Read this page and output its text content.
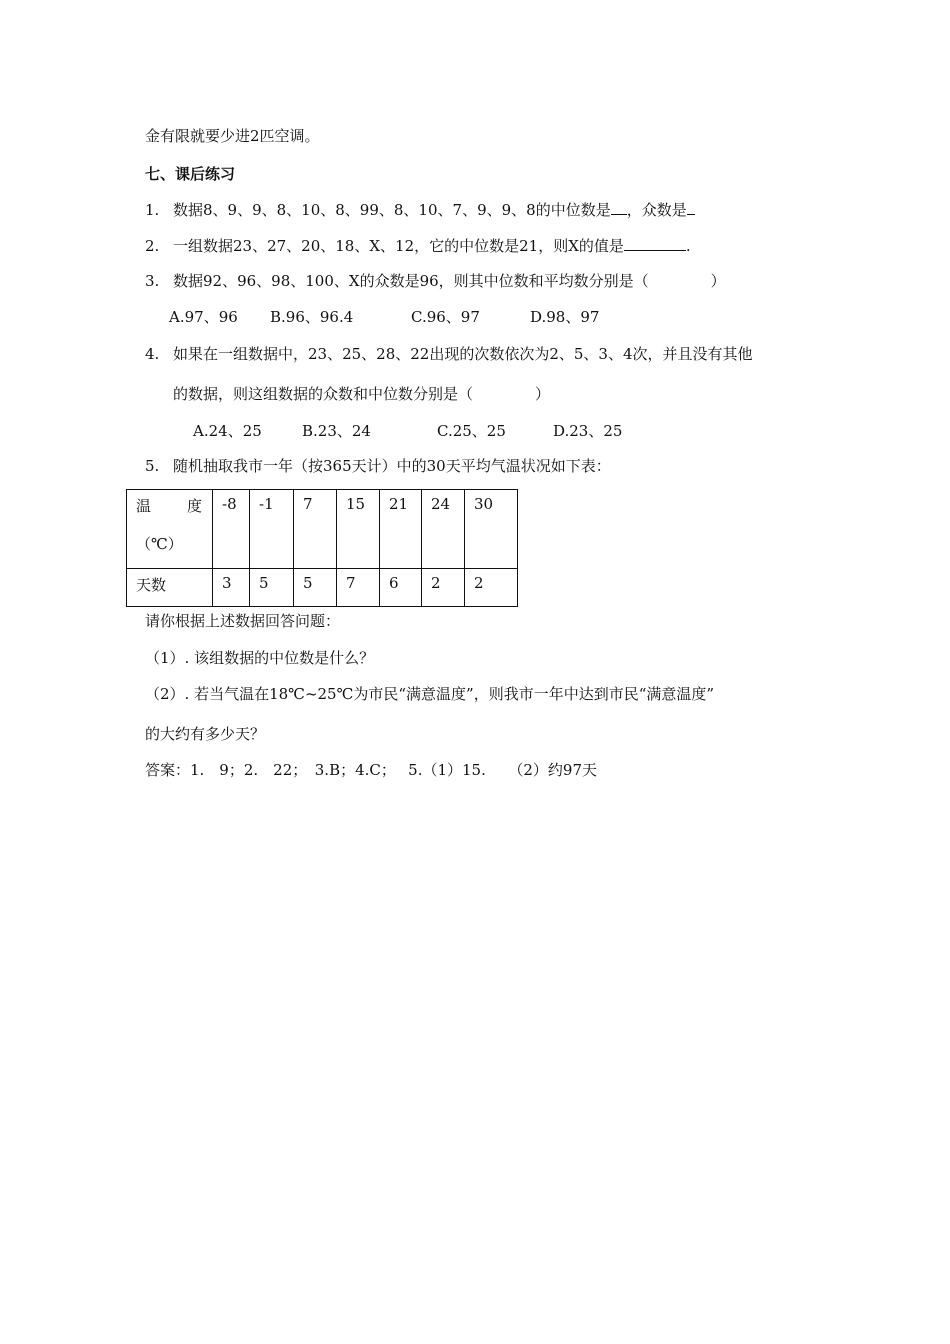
金有限就要少进2匹空调。
七、课后练习
1. 数据8、9、9、8、10、8、99、8、10、7、9、9、8的中位数是 ，众数是
2. 一组数据23、27、20、18、X、12，它的中位数是21，则X的值是	.
3. 数据92、96、98、100、X的众数是96，则其中位数和平均数分别是（	）
A.97、96 B.96、96.4	C.96、97	D.98、97
4. 如果在一组数据中，23、25、28、22出现的次数依次为2、5、3、4次，并且没有其他
的数据，则这组数据的众数和中位数分别是（	）
A.24、25	B.23、24	C.25、25	D.23、25
5. 随机抽取我市一年（按365天计）中的30天平均气温状况如下表：
温 度
（℃）	-8	-1	7	15	21	24	30
天数	3	5	5	7	6	2	2
请你根据上述数据回答问题：
（1）. 该组数据的中位数是什么？
（2）. 若当气温在18℃~25℃为市民“满意温度”，则我市一年中达到市民“满意温度”
的大约有多少天？
答案：1.　9；2.　22；　3.B；4.C；　 5.（1）15.　　（2）约97天
